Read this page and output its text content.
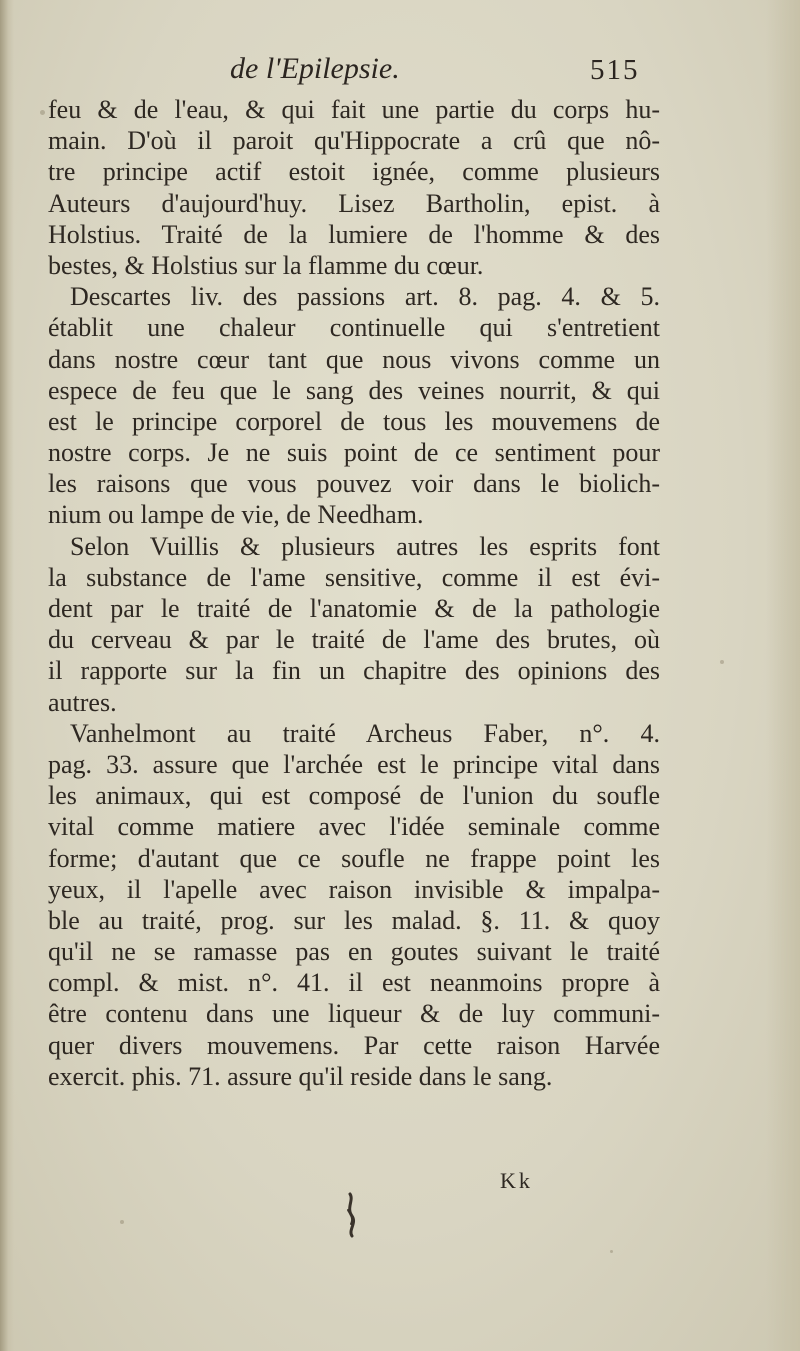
de l'Epilepsie.	515
feu & de l'eau, & qui fait une partie du corps hu-
main. D'où il paroit qu'Hippocrate a crû que nô-
tre principe actif estoit ignée, comme plusieurs
Auteurs d'aujourd'huy. Lisez Bartholin, epist. à
Holstius. Traité de la lumiere de l'homme & des
bestes, & Holstius sur la flamme du cœur.
Descartes liv. des passions art. 8. pag. 4. & 5.
établit une chaleur continuelle qui s'entretient
dans nostre cœur tant que nous vivons comme un
espece de feu que le sang des veines nourrit, & qui
est le principe corporel de tous les mouvemens de
nostre corps. Je ne suis point de ce sentiment pour
les raisons que vous pouvez voir dans le biolich-
nium ou lampe de vie, de Needham.
Selon Vuillis & plusieurs autres les esprits font
la substance de l'ame sensitive, comme il est évi-
dent par le traité de l'anatomie & de la pathologie
du cerveau & par le traité de l'ame des brutes, où
il rapporte sur la fin un chapitre des opinions des
autres.
Vanhelmont au traité Archeus Faber, n°. 4.
pag. 33. assure que l'archée est le principe vital dans
les animaux, qui est composé de l'union du soufle
vital comme matiere avec l'idée seminale comme
forme; d'autant que ce soufle ne frappe point les
yeux, il l'apelle avec raison invisible & impalpa-
ble au traité, prog. sur les malad. §. 11. & quoy
qu'il ne se ramasse pas en goutes suivant le traité
compl. & mist. n°. 41. il est neanmoins propre à
être contenu dans une liqueur & de luy communi-
quer divers mouvemens. Par cette raison Harvée
exercit. phis. 71. assure qu'il reside dans le sang.
Kk
